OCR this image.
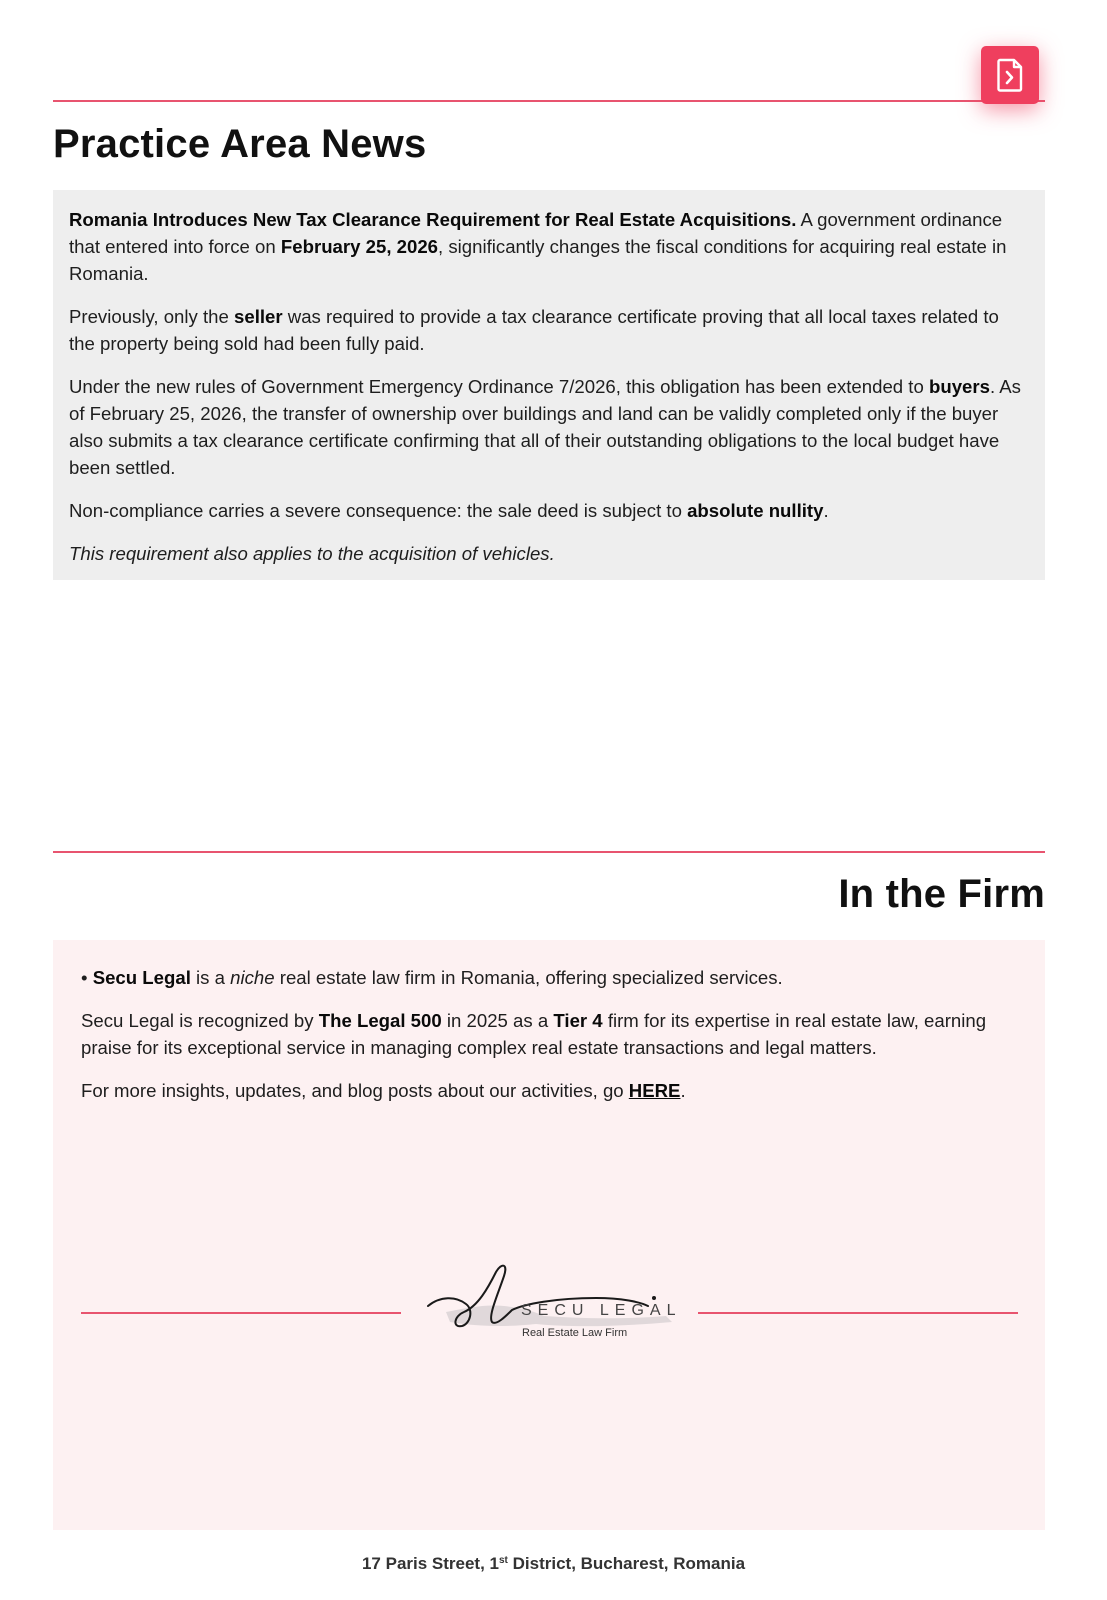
Practice Area News

Romania Introduces New Tax Clearance Requirement for Real Estate Acquisitions. A government ordinance that entered into force on February 25, 2026, significantly changes the fiscal conditions for acquiring real estate in Romania.

Previously, only the seller was required to provide a tax clearance certificate proving that all local taxes related to the property being sold had been fully paid.

Under the new rules of Government Emergency Ordinance 7/2026, this obligation has been extended to buyers. As of February 25, 2026, the transfer of ownership over buildings and land can be validly completed only if the buyer also submits a tax clearance certificate confirming that all of their outstanding obligations to the local budget have been settled.

Non-compliance carries a severe consequence: the sale deed is subject to absolute nullity.

This requirement also applies to the acquisition of vehicles.

In the Firm

• Secu Legal is a niche real estate law firm in Romania, offering specialized services.

Secu Legal is recognized by The Legal 500 in 2025 as a Tier 4 firm for its expertise in real estate law, earning praise for its exceptional service in managing complex real estate transactions and legal matters.

For more insights, updates, and blog posts about our activities, go HERE.

SECU LEGAL
Real Estate Law Firm
17 Paris Street, 1st District, Bucharest, Romania
